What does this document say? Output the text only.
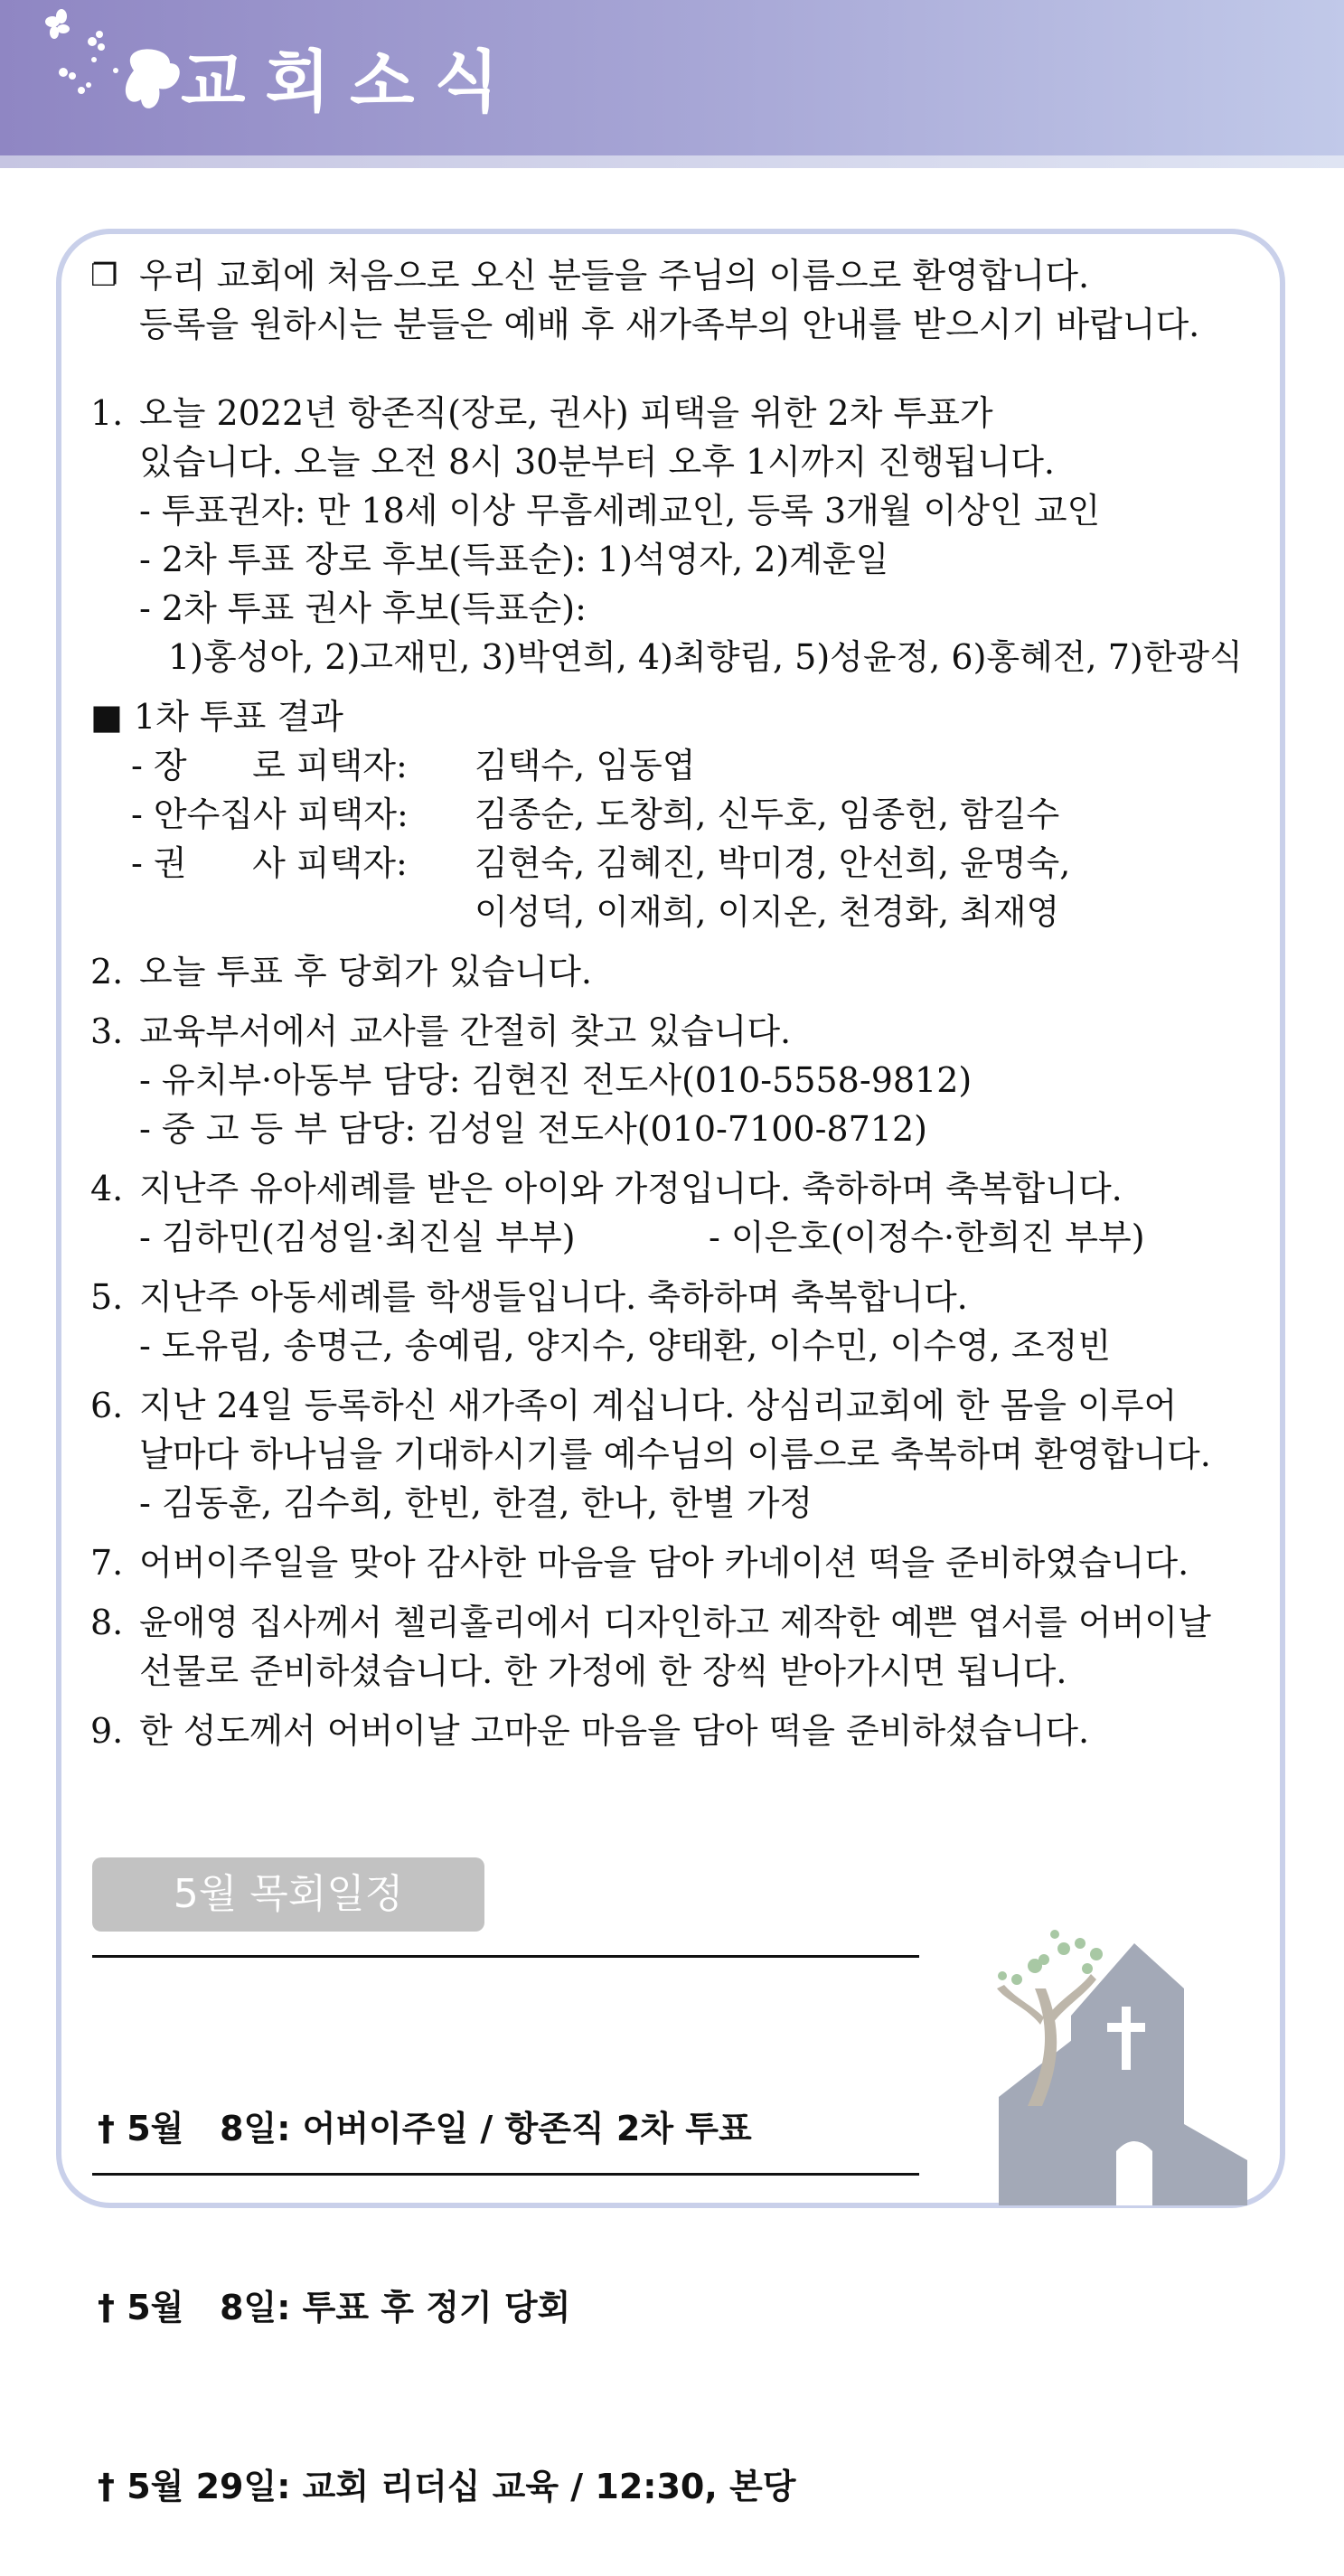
교회소식
❐ 우리 교회에 처음으로 오신 분들을 주님의 이름으로 환영합니다.
등록을 원하시는 분들은 예배 후 새가족부의 안내를 받으시기 바랍니다.
1. 오늘 2022년 항존직(장로, 권사) 피택을 위한 2차 투표가
있습니다. 오늘 오전 8시 30분부터 오후 1시까지 진행됩니다.
- 투표권자: 만 18세 이상 무흠세례교인, 등록 3개월 이상인 교인
- 2차 투표 장로 후보(득표순): 1)석영자, 2)계훈일
- 2차 투표 권사 후보(득표순):
1)홍성아, 2)고재민, 3)박연희, 4)최향림, 5)성윤정, 6)홍혜전, 7)한광식
■ 1차 투표 결과
- 장      로 피택자:	김택수, 임동엽
- 안수집사 피택자:	김종순, 도창희, 신두호, 임종헌, 함길수
- 권      사 피택자:	김현숙, 김혜진, 박미경, 안선희, 윤명숙,
이성덕, 이재희, 이지온, 천경화, 최재영
2. 오늘 투표 후 당회가 있습니다.
3. 교육부서에서 교사를 간절히 찾고 있습니다.
- 유치부·아동부 담당: 김현진 전도사(010-5558-9812)
- 중 고 등 부 담당: 김성일 전도사(010-7100-8712)
4. 지난주 유아세례를 받은 아이와 가정입니다. 축하하며 축복합니다.
- 김하민(김성일·최진실 부부)	- 이은호(이정수·한희진 부부)
5. 지난주 아동세례를 학생들입니다. 축하하며 축복합니다.
- 도유림, 송명근, 송예림, 양지수, 양태환, 이수민, 이수영, 조정빈
6. 지난 24일 등록하신 새가족이 계십니다. 상심리교회에 한 몸을 이루어
날마다 하나님을 기대하시기를 예수님의 이름으로 축복하며 환영합니다.
- 김동훈, 김수희, 한빈, 한결, 한나, 한별 가정
7. 어버이주일을 맞아 감사한 마음을 담아 카네이션 떡을 준비하였습니다.
8. 윤애영 집사께서 첼리홀리에서 디자인하고 제작한 예쁜 엽서를 어버이날
선물로 준비하셨습니다. 한 가정에 한 장씩 받아가시면 됩니다.
9. 한 성도께서 어버이날 고마운 마음을 담아 떡을 준비하셨습니다.
5월 목회일정

† 5월   8일: 어버이주일 / 항존직 2차 투표

† 5월   8일: 투표 후 정기 당회

† 5월 29일: 교회 리더십 교육 / 12:30, 본당
